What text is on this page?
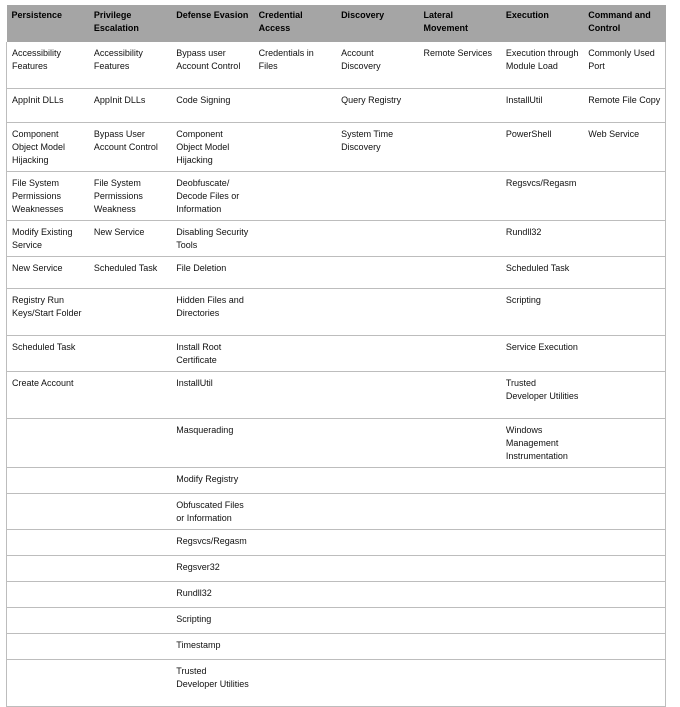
Persistence	Privilege Escalation	Defense Evasion	Credential Access	Discovery	Lateral Movement	Execution	Command and Control
Accessibility Features	Accessibility Features	Bypass user Account Control	Credentials in Files	Account Discovery	Remote Services	Execution through Module Load	Commonly Used Port
AppInit DLLs	AppInit DLLs	Code Signing		Query Registry		InstallUtil	Remote File Copy
Component Object Model Hijacking	Bypass User Account Control	Component Object Model Hijacking		System Time Discovery		PowerShell	Web Service
File System Permissions Weaknesses	File System Permissions Weakness	Deobfuscate/ Decode Files or Information				Regsvcs/Regasm	
Modify Existing Service	New Service	Disabling Security Tools				Rundll32	
New Service	Scheduled Task	File Deletion				Scheduled Task	
Registry Run Keys/Start Folder		Hidden Files and Directories				Scripting	
Scheduled Task		Install Root Certificate				Service Execution	
Create Account		InstallUtil				Trusted Developer Utilities	
		Masquerading				Windows Management Instrumentation	
		Modify Registry					
		Obfuscated Files or Information					
		Regsvcs/Regasm					
		Regsver32					
		Rundll32					
		Scripting					
		Timestamp					
		Trusted Developer Utilities					
